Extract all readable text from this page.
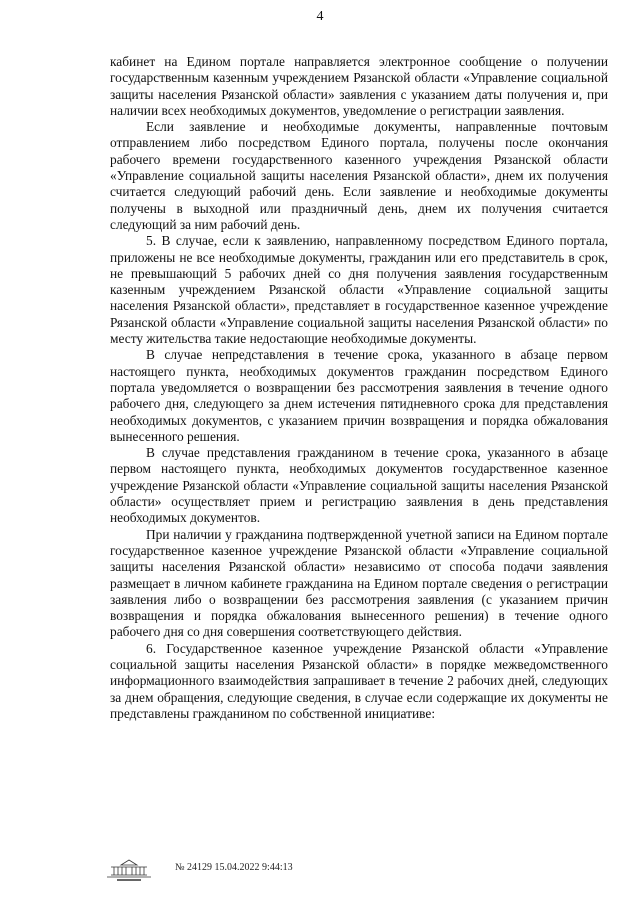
4

кабинет на Едином портале направляется электронное сообщение о получении государственным казенным учреждением Рязанской области «Управление социальной защиты населения Рязанской области» заявления с указанием даты получения и, при наличии всех необходимых документов, уведомление о регистрации заявления.

Если заявление и необходимые документы, направленные почтовым отправлением либо посредством Единого портала, получены после окончания рабочего времени государственного казенного учреждения Рязанской области «Управление социальной защиты населения Рязанской области», днем их получения считается следующий рабочий день. Если заявление и необходимые документы получены в выходной или праздничный день, днем их получения считается следующий за ним рабочий день.

5. В случае, если к заявлению, направленному посредством Единого портала, приложены не все необходимые документы, гражданин или его представитель в срок, не превышающий 5 рабочих дней со дня получения заявления государственным казенным учреждением Рязанской области «Управление социальной защиты населения Рязанской области», представляет в государственное казенное учреждение Рязанской области «Управление социальной защиты населения Рязанской области» по месту жительства такие недостающие необходимые документы.

В случае непредставления в течение срока, указанного в абзаце первом настоящего пункта, необходимых документов гражданин посредством Единого портала уведомляется о возвращении без рассмотрения заявления в течение одного рабочего дня, следующего за днем истечения пятидневного срока для представления необходимых документов, с указанием причин возвращения и порядка обжалования вынесенного решения.

В случае представления гражданином в течение срока, указанного в абзаце первом настоящего пункта, необходимых документов государственное казенное учреждение Рязанской области «Управление социальной защиты населения Рязанской области» осуществляет прием и регистрацию заявления в день представления необходимых документов.

При наличии у гражданина подтвержденной учетной записи на Едином портале государственное казенное учреждение Рязанской области «Управление социальной защиты населения Рязанской области» независимо от способа подачи заявления размещает в личном кабинете гражданина на Едином портале сведения о регистрации заявления либо о возвращении без рассмотрения заявления (с указанием причин возвращения и порядка обжалования вынесенного решения) в течение одного рабочего дня со дня совершения соответствующего действия.

6. Государственное казенное учреждение Рязанской области «Управление социальной защиты населения Рязанской области» в порядке межведомственного информационного взаимодействия запрашивает в течение 2 рабочих дней, следующих за днем обращения, следующие сведения, в случае если содержащие их документы не представлены гражданином по собственной инициативе:

№ 24129 15.04.2022 9:44:13
